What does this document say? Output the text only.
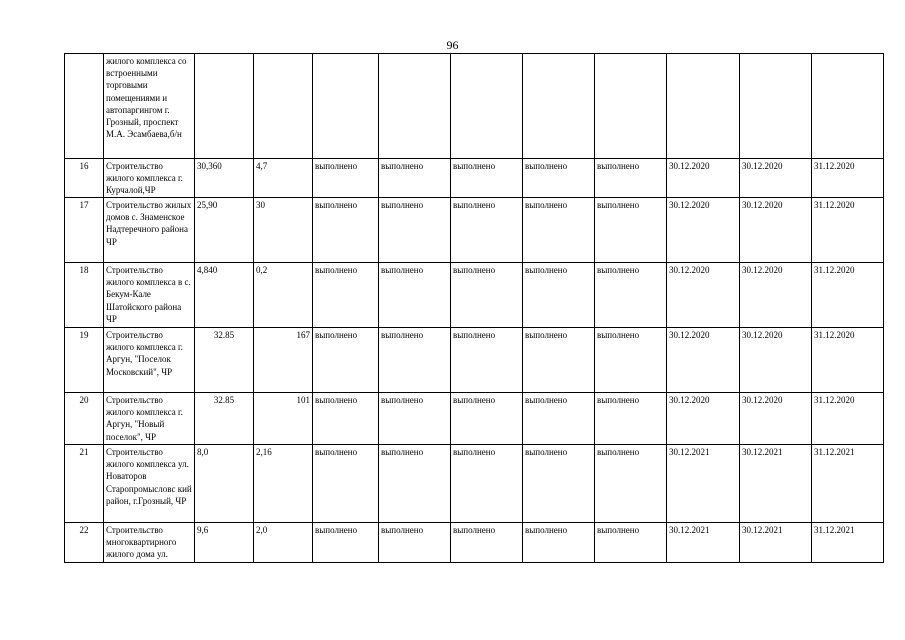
96
	жилого комплекса со встроенными торговыми помещениями и автопаргингом г. Грозный, проспект М.А. Эсамбаева,б/н										
16	Строительство жилого комплекса г. Курчалой,ЧР	30,360	4,7	выполнено	выполнено	выполнено	выполнено	выполнено	30.12.2020	30.12.2020	31.12.2020
17	Строительство жилых домов с. Знаменское Надтеречного района ЧР	25,90	30	выполнено	выполнено	выполнено	выполнено	выполнено	30.12.2020	30.12.2020	31.12.2020
18	Строительство жилого комплекса в с. Бекум-Кале Шатойского района ЧР	4,840	0,2	выполнено	выполнено	выполнено	выполнено	выполнено	30.12.2020	30.12.2020	31.12.2020
19	Строительство жилого комплекса г. Аргун, "Поселок Московский", ЧР	32.85	167	выполнено	выполнено	выполнено	выполнено	выполнено	30.12.2020	30.12.2020	31.12.2020
20	Строительство жилого комплекса г. Аргун, "Новый поселок", ЧР	32.85	101	выполнено	выполнено	выполнено	выполнено	выполнено	30.12.2020	30.12.2020	31.12.2020
21	Строительство жилого комплекса ул. Новаторов Старопромысловс кий район, г.Грозный, ЧР	8,0	2,16	выполнено	выполнено	выполнено	выполнено	выполнено	30.12.2021	30.12.2021	31.12.2021
22	Строительство многоквартирного жилого дома ул.	9,6	2,0	выполнено	выполнено	выполнено	выполнено	выполнено	30.12.2021	30.12.2021	31.12.2021
